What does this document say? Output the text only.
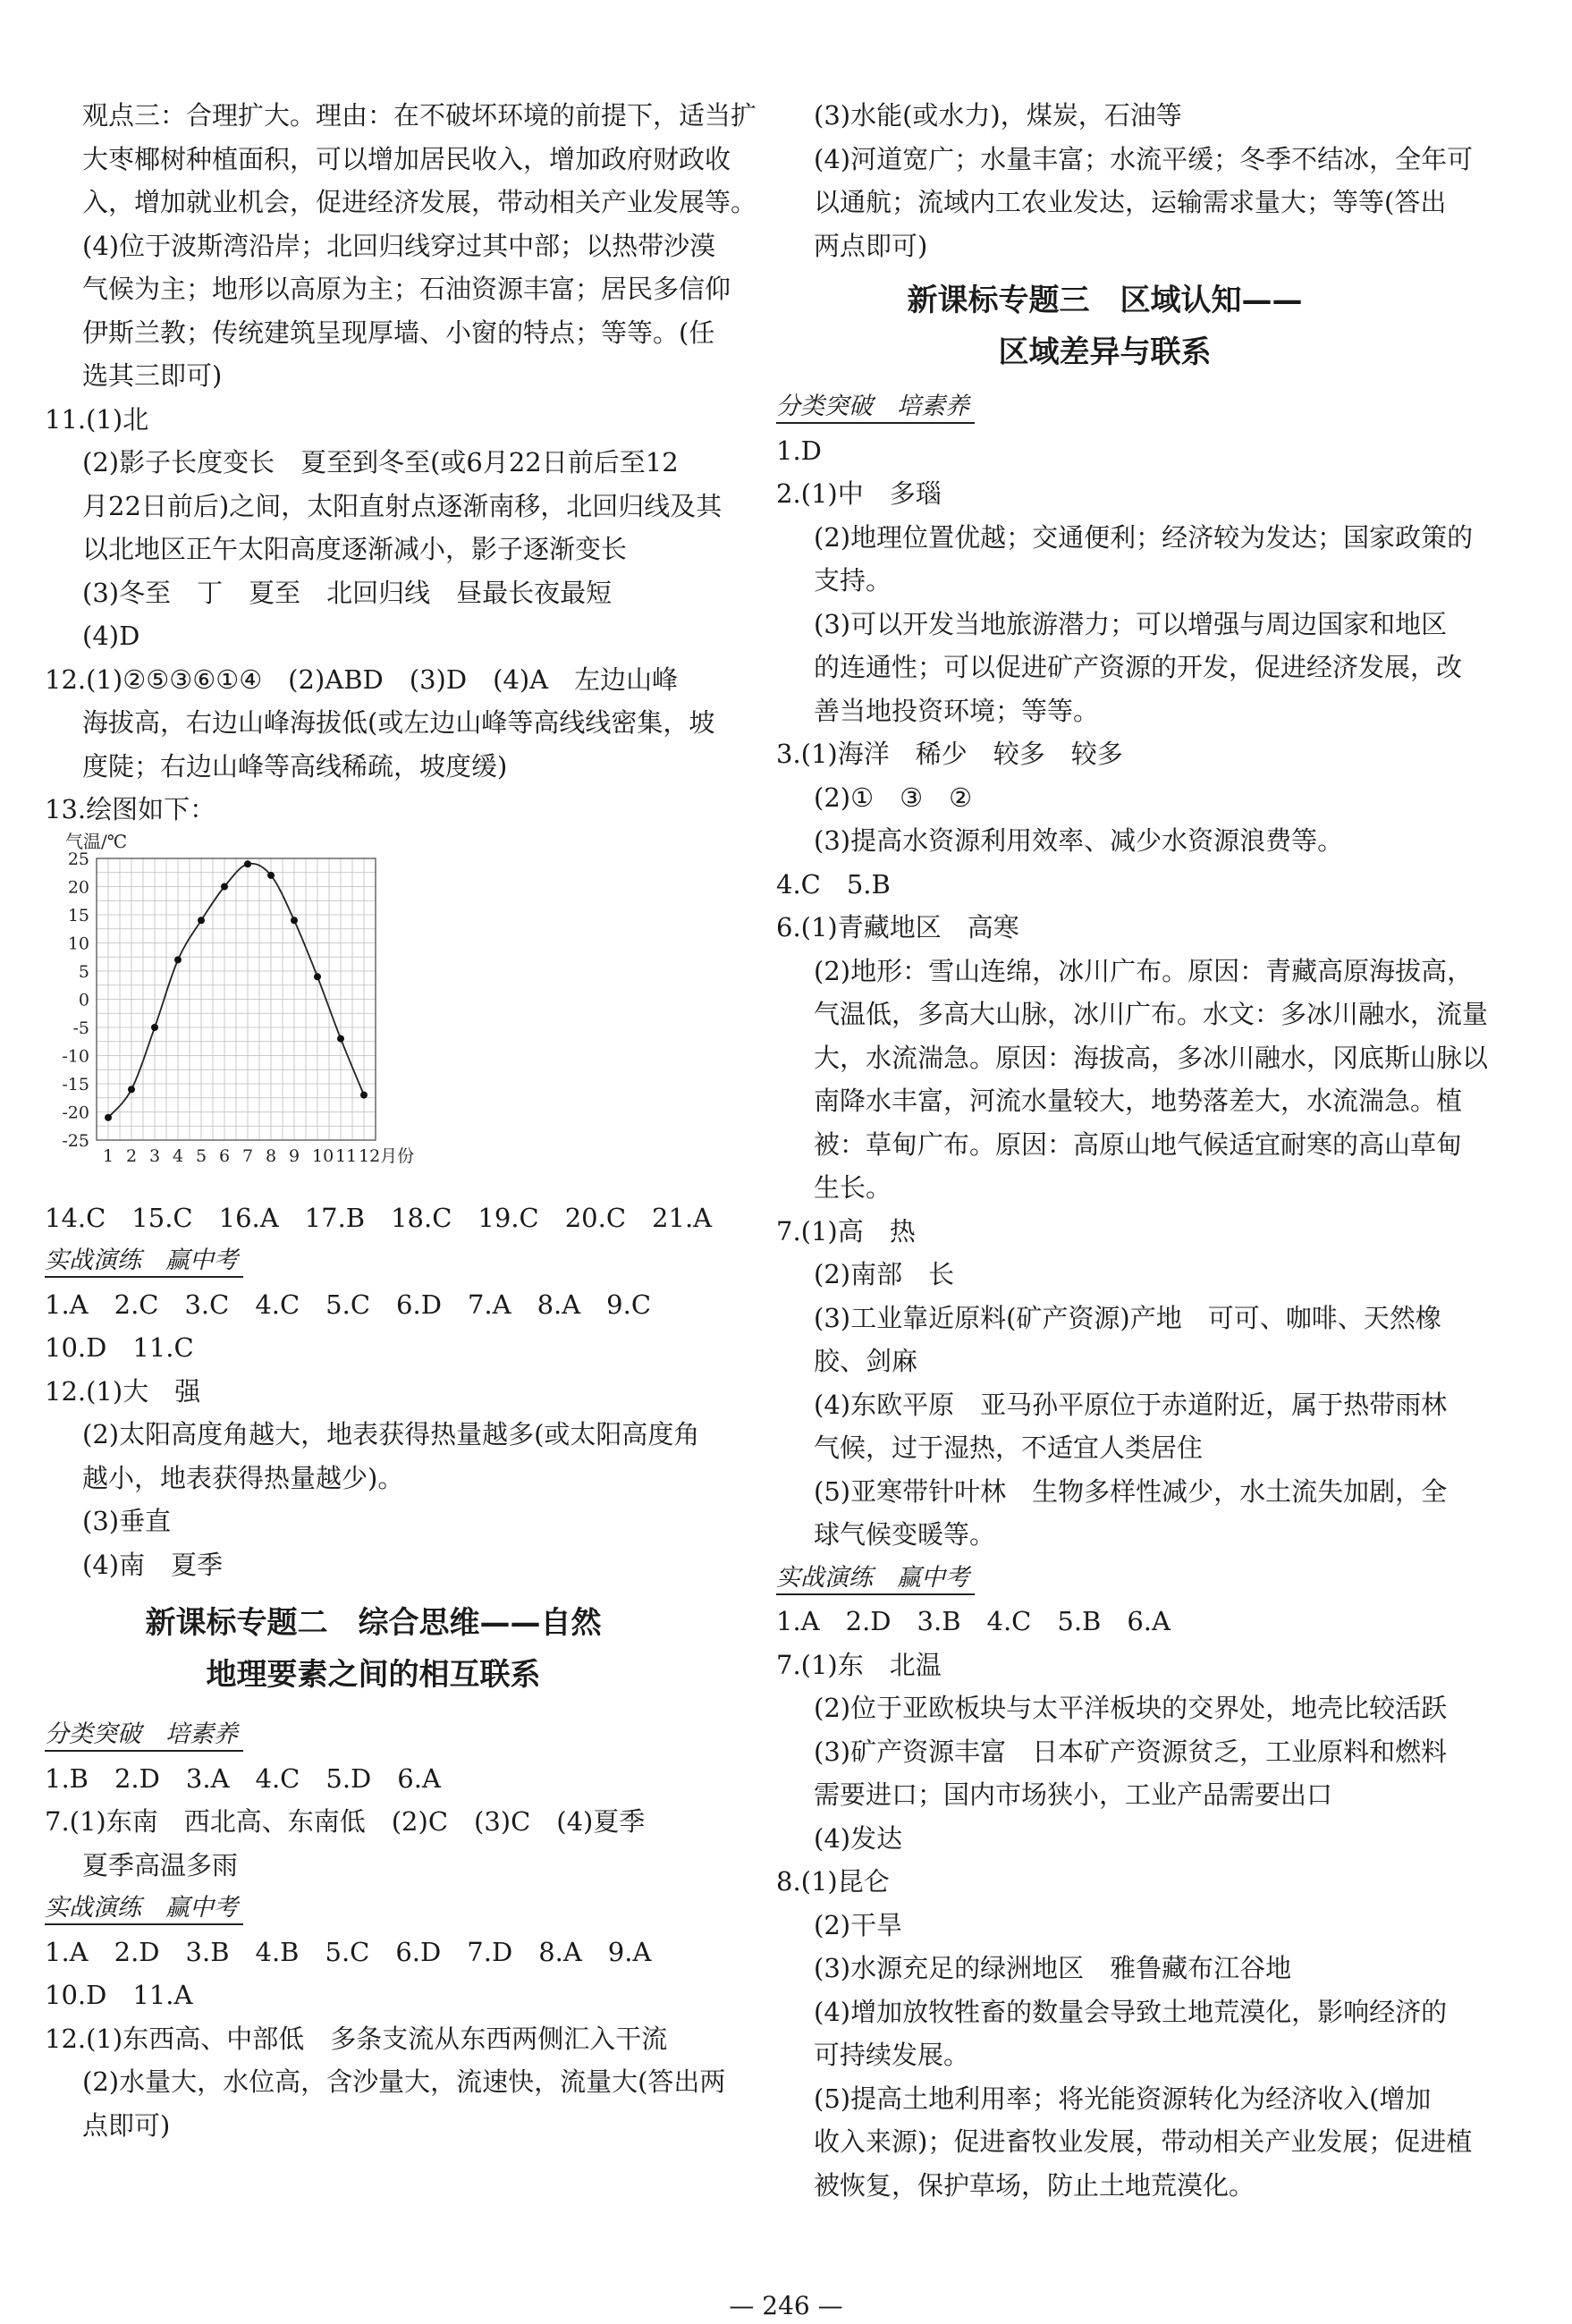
观点三：合理扩大。理由：在不破坏环境的前提下，适当扩
大枣椰树种植面积，可以增加居民收入，增加政府财政收
入，增加就业机会，促进经济发展，带动相关产业发展等。
(4)位于波斯湾沿岸；北回归线穿过其中部；以热带沙漠
气候为主；地形以高原为主；石油资源丰富；居民多信仰
伊斯兰教；传统建筑呈现厚墙、小窗的特点；等等。(任
选其三即可)
11.(1)北
(2)影子长度变长　夏至到冬至(或6月22日前后至12
月22日前后)之间，太阳直射点逐渐南移，北回归线及其
以北地区正午太阳高度逐渐减小，影子逐渐变长
(3)冬至　丁　夏至　北回归线　昼最长夜最短
(4)D
12.(1)②⑤③⑥①④　(2)ABD　(3)D　(4)A　左边山峰
海拔高，右边山峰海拔低(或左边山峰等高线线密集，坡
度陡；右边山峰等高线稀疏，坡度缓)
13.绘图如下：
25
20
15
10
5
0
-5
-10
-15
-20
-25
气温/℃
1 2 3 4 5 6 7 8 9 10 11 12月份
14.C　15.C　16.A　17.B　18.C　19.C　20.C　21.A
实战演练　赢中考
1.A　2.C　3.C　4.C　5.C　6.D　7.A　8.A　9.C
10.D　11.C
12.(1)大　强
(2)太阳高度角越大，地表获得热量越多(或太阳高度角
越小，地表获得热量越少)。
(3)垂直
(4)南　夏季
新课标专题二　综合思维——自然
地理要素之间的相互联系
分类突破　培素养
1.B　2.D　3.A　4.C　5.D　6.A
7.(1)东南　西北高、东南低　(2)C　(3)C　(4)夏季
夏季高温多雨
实战演练　赢中考
1.A　2.D　3.B　4.B　5.C　6.D　7.D　8.A　9.A
10.D　11.A
12.(1)东西高、中部低　多条支流从东西两侧汇入干流
(2)水量大，水位高，含沙量大，流速快，流量大(答出两
点即可)
(3)水能(或水力)，煤炭，石油等
(4)河道宽广；水量丰富；水流平缓；冬季不结冰，全年可
以通航；流域内工农业发达，运输需求量大；等等(答出
两点即可)
新课标专题三　区域认知——
区域差异与联系
分类突破　培素养
1.D
2.(1)中　多瑙
(2)地理位置优越；交通便利；经济较为发达；国家政策的
支持。
(3)可以开发当地旅游潜力；可以增强与周边国家和地区
的连通性；可以促进矿产资源的开发，促进经济发展，改
善当地投资环境；等等。
3.(1)海洋　稀少　较多　较多
(2)①　③　②
(3)提高水资源利用效率、减少水资源浪费等。
4.C　5.B
6.(1)青藏地区　高寒
(2)地形：雪山连绵，冰川广布。原因：青藏高原海拔高，
气温低，多高大山脉，冰川广布。水文：多冰川融水，流量
大，水流湍急。原因：海拔高，多冰川融水，冈底斯山脉以
南降水丰富，河流水量较大，地势落差大，水流湍急。植
被：草甸广布。原因：高原山地气候适宜耐寒的高山草甸
生长。
7.(1)高　热
(2)南部　长
(3)工业靠近原料(矿产资源)产地　可可、咖啡、天然橡
胶、剑麻
(4)东欧平原　亚马孙平原位于赤道附近，属于热带雨林
气候，过于湿热，不适宜人类居住
(5)亚寒带针叶林　生物多样性减少，水土流失加剧，全
球气候变暖等。
实战演练　赢中考
1.A　2.D　3.B　4.C　5.B　6.A
7.(1)东　北温
(2)位于亚欧板块与太平洋板块的交界处，地壳比较活跃
(3)矿产资源丰富　日本矿产资源贫乏，工业原料和燃料
需要进口；国内市场狭小，工业产品需要出口
(4)发达
8.(1)昆仑
(2)干旱
(3)水源充足的绿洲地区　雅鲁藏布江谷地
(4)增加放牧牲畜的数量会导致土地荒漠化，影响经济的
可持续发展。
(5)提高土地利用率；将光能资源转化为经济收入(增加
收入来源)；促进畜牧业发展，带动相关产业发展；促进植
被恢复，保护草场，防止土地荒漠化。
— 246 —
